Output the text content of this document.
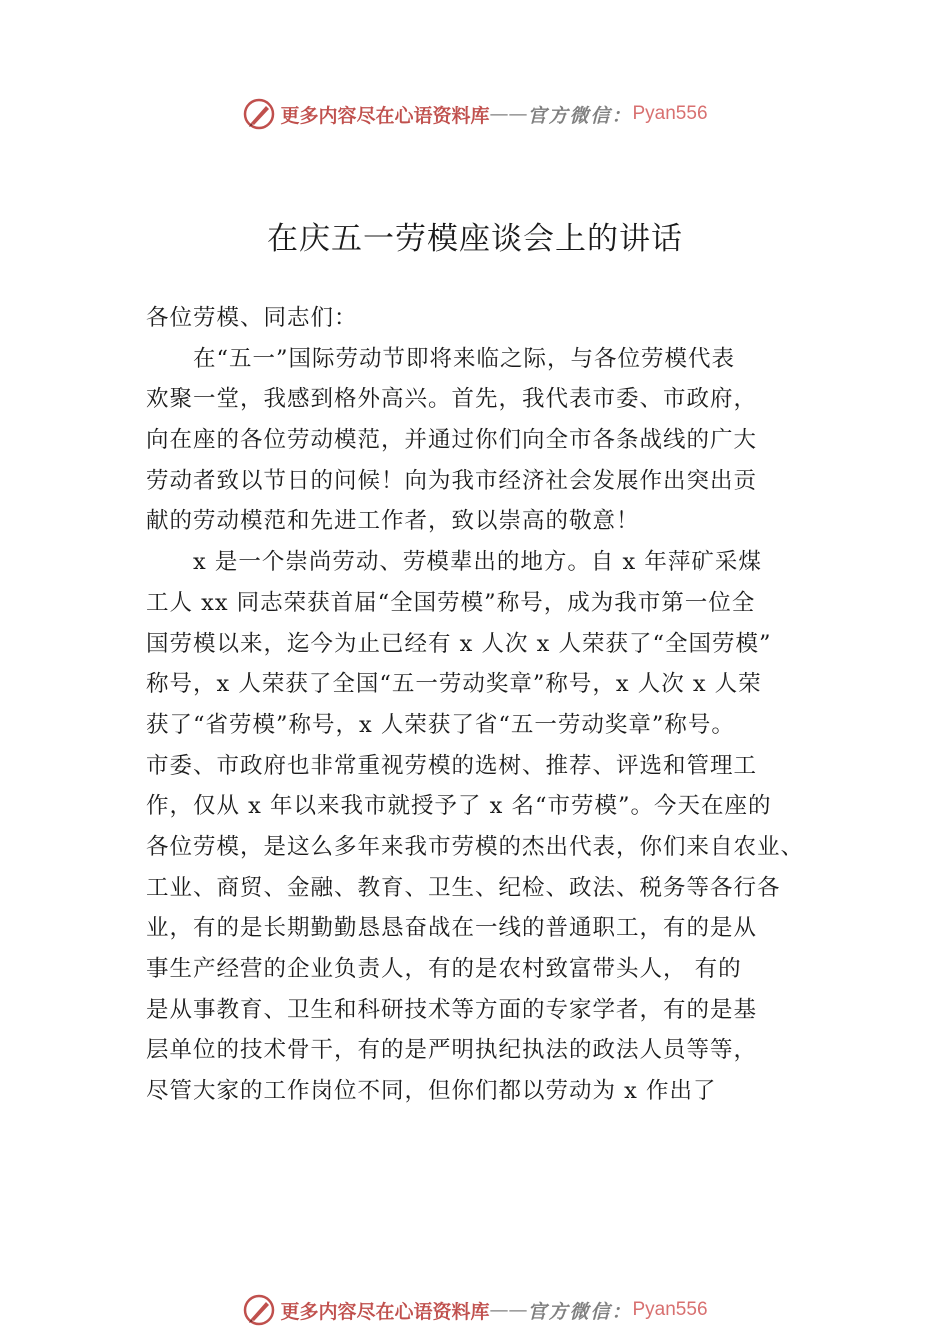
更多内容尽在心语资料库 —— 官方微信： Pyan556
在庆五一劳模座谈会上的讲话
各位劳模、同志们：
　　在“五一”国际劳动节即将来临之际，与各位劳模代表
欢聚一堂，我感到格外高兴。首先，我代表市委、市政府，
向在座的各位劳动模范，并通过你们向全市各条战线的广大
劳动者致以节日的问候！向为我市经济社会发展作出突出贡
献的劳动模范和先进工作者，致以崇高的敬意！
　　x 是一个崇尚劳动、劳模辈出的地方。自 x 年萍矿采煤
工人 xx 同志荣获首届“全国劳模”称号，成为我市第一位全
国劳模以来，迄今为止已经有 x 人次 x 人荣获了“全国劳模”
称号，x 人荣获了全国“五一劳动奖章”称号，x 人次 x 人荣
获了“省劳模”称号，x 人荣获了省“五一劳动奖章”称号。
市委、市政府也非常重视劳模的选树、推荐、评选和管理工
作，仅从 x 年以来我市就授予了 x 名“市劳模”。今天在座的
各位劳模，是这么多年来我市劳模的杰出代表，你们来自农业、
工业、商贸、金融、教育、卫生、纪检、政法、税务等各行各
业，有的是长期勤勤恳恳奋战在一线的普通职工，有的是从
事生产经营的企业负责人，有的是农村致富带头人， 有的
是从事教育、卫生和科研技术等方面的专家学者，有的是基
层单位的技术骨干，有的是严明执纪执法的政法人员等等，
尽管大家的工作岗位不同，但你们都以劳动为 x 作出了
更多内容尽在心语资料库 —— 官方微信： Pyan556
